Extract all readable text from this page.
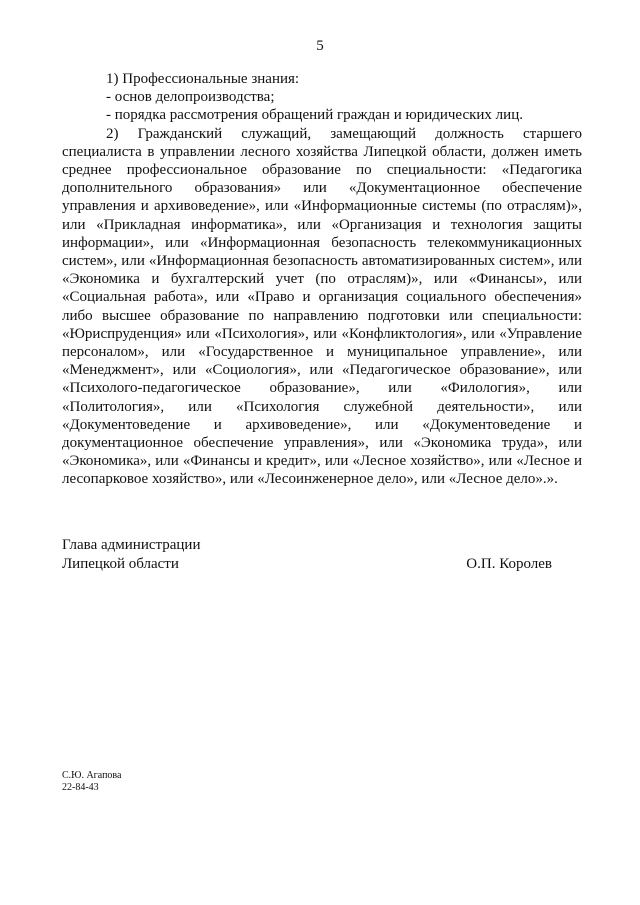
5
1) Профессиональные знания:
- основ делопроизводства;
- порядка рассмотрения обращений граждан и юридических лиц.

2) Гражданский служащий, замещающий должность старшего специалиста в управлении лесного хозяйства Липецкой области, должен иметь среднее профессиональное образование по специальности: «Педагогика дополнительного образования» или «Документационное обеспечение управления и архивоведение», или «Информационные системы (по отраслям)», или «Прикладная информатика», или «Организация и технология защиты информации», или «Информационная безопасность телекоммуникационных систем», или «Информационная безопасность автоматизированных систем», или «Экономика и бухгалтерский учет (по отраслям)», или «Финансы», или «Социальная работа», или «Право и организация социального обеспечения» либо высшее образование по направлению подготовки или специальности: «Юриспруденция» или «Психология», или «Конфликтология», или «Управление персоналом», или «Государственное и муниципальное управление», или «Менеджмент», или «Социология», или «Педагогическое образование», или «Психолого-педагогическое образование», или «Филология», или «Политология», или «Психология служебной деятельности», или «Документоведение и архивоведение», или «Документоведение и документационное обеспечение управления», или «Экономика труда», или «Экономика», или «Финансы и кредит», или «Лесное хозяйство», или «Лесное и лесопарковое хозяйство», или «Лесоинженерное дело», или «Лесное дело».».

Глава администрации
Липецкой области	О.П. Королев
С.Ю. Агапова
22-84-43
